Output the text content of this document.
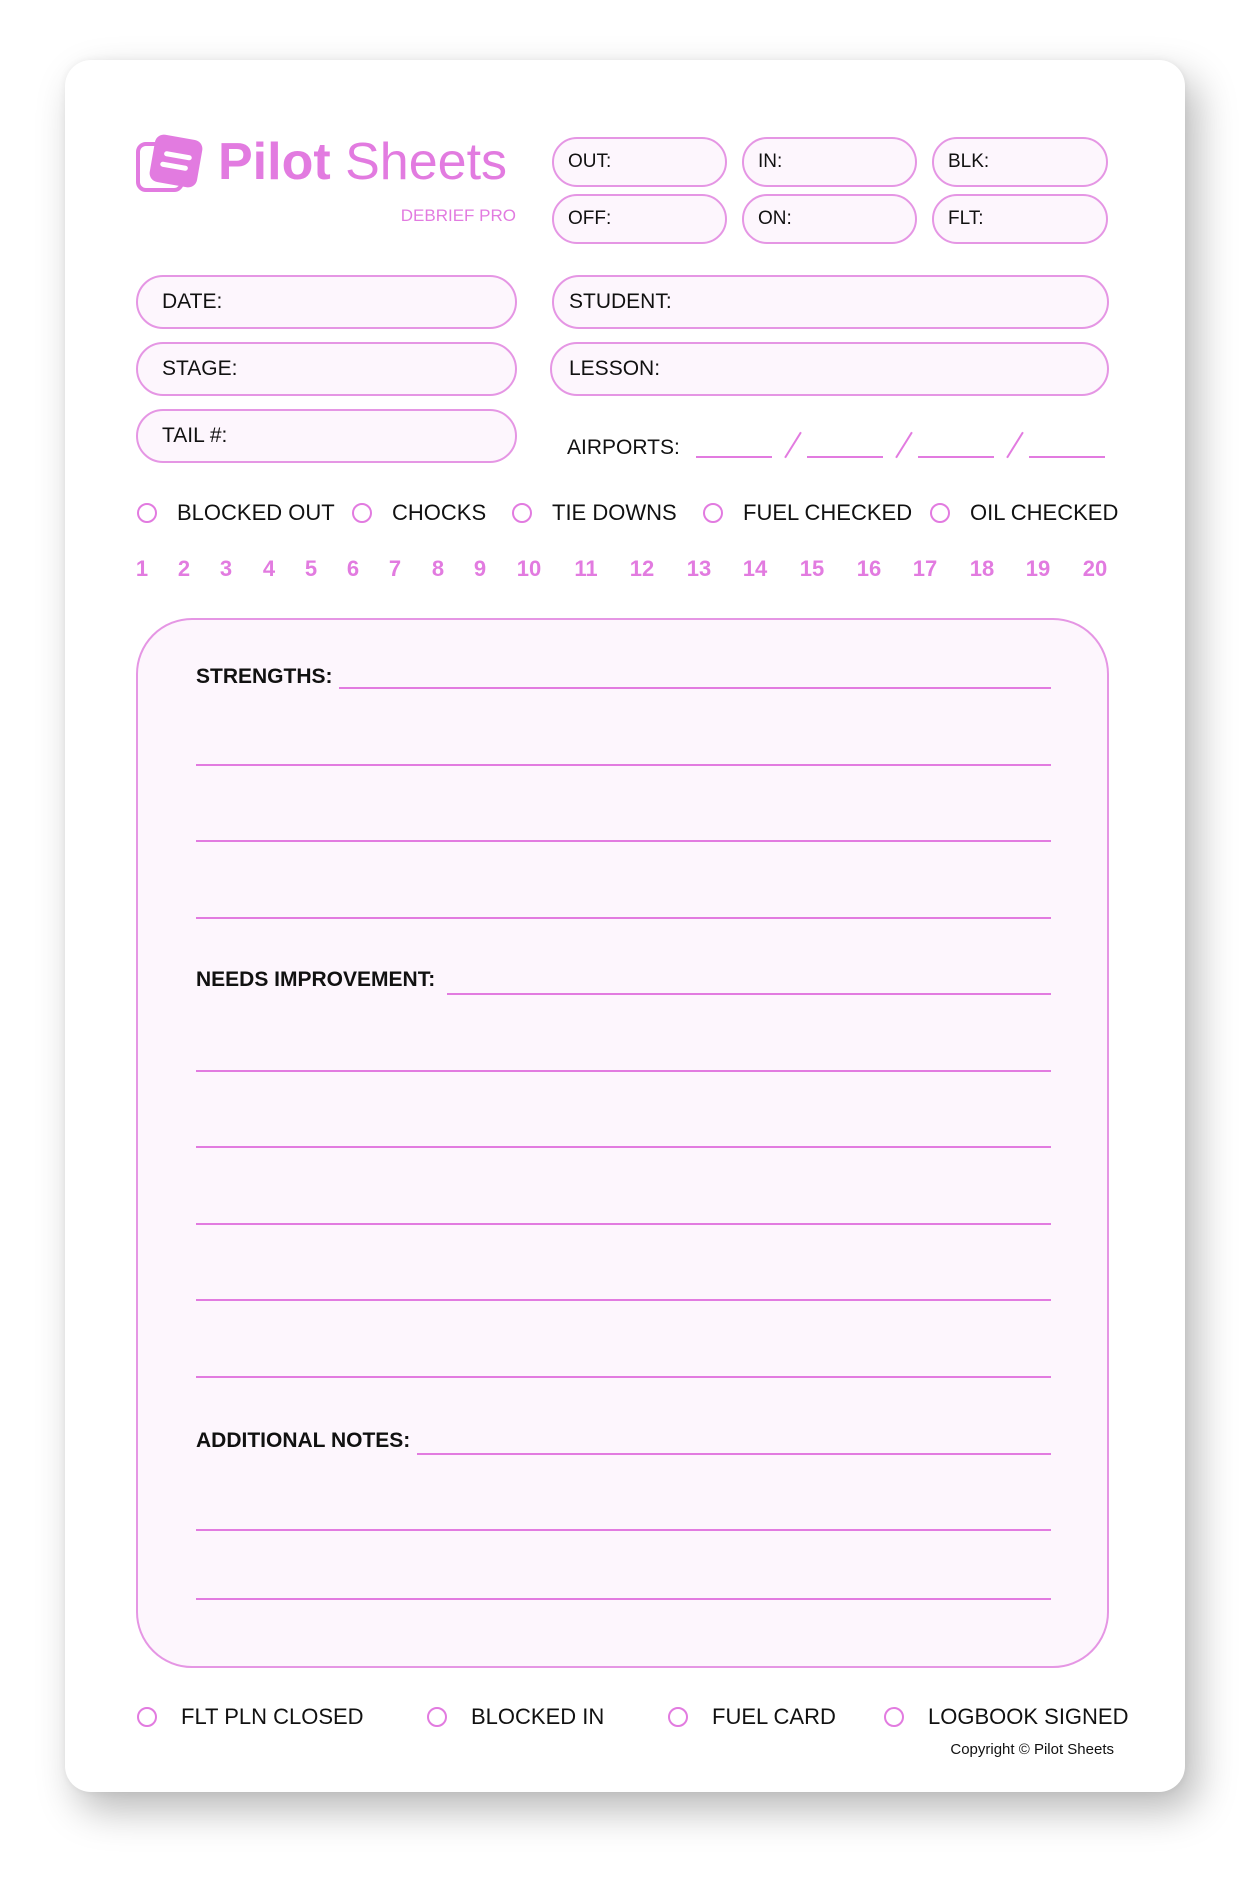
Pilot Sheets
DEBRIEF PRO
OUT:	IN:	BLK:
OFF:	ON:	FLT:
DATE:	STUDENT:
STAGE:	LESSON:
TAIL #:
AIRPORTS:
BLOCKED OUT	CHOCKS	TIE DOWNS	FUEL CHECKED	OIL CHECKED
1	2	3	4	5	6	7	8	9	10	11	12	13	14	15	16	17	18	19	20
STRENGTHS:
NEEDS IMPROVEMENT:
ADDITIONAL NOTES:
FLT PLN CLOSED	BLOCKED IN	FUEL CARD	LOGBOOK SIGNED
Copyright © Pilot Sheets
